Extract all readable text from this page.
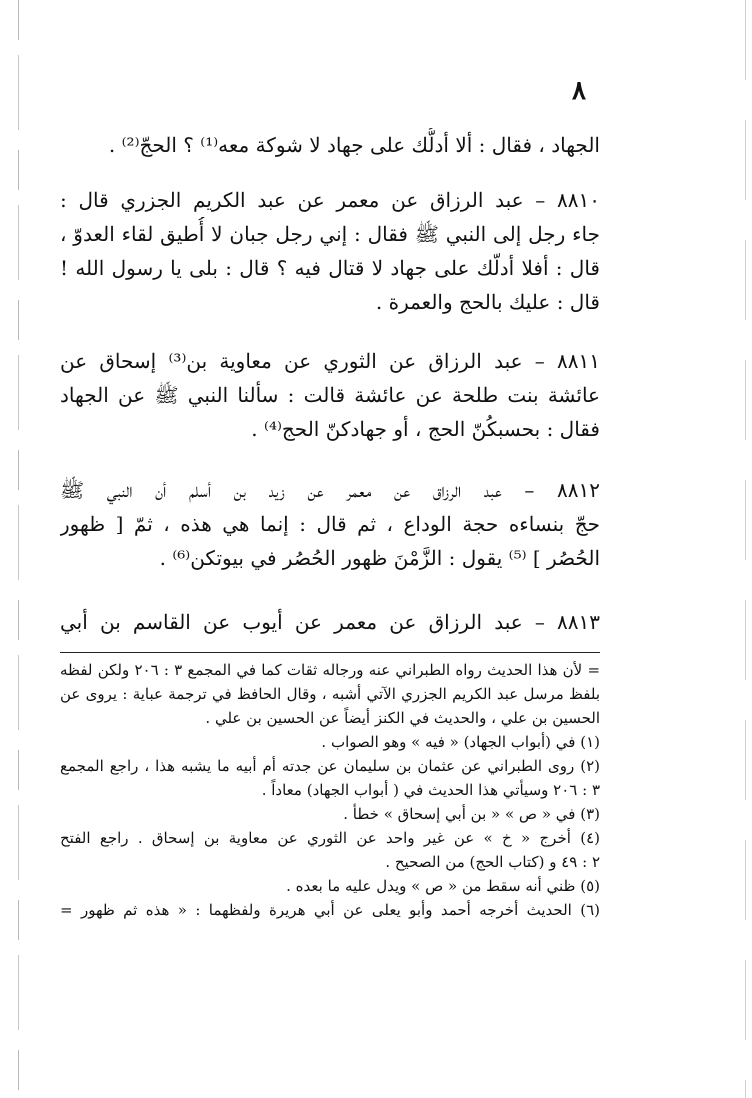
٨
الجهاد ، فقال : ألا أدلُّك على جهاد لا شوكة معه⁽¹⁾ ؟ الحجّ⁽²⁾ .
٨٨١٠ – عبد الرزاق عن معمر عن عبد الكريم الجزري قال :
جاء رجل إلى النبي ﷺ فقال : إني رجل جبان لا أُطيق لقاء العدوّ ،
قال : أفلا أدلّك على جهاد لا قتال فيه ؟ قال : بلى يا رسول الله !
قال : عليك بالحج والعمرة .
٨٨١١ – عبد الرزاق عن الثوري عن معاوية بن⁽³⁾ إسحاق عن
عائشة بنت طلحة عن عائشة قالت : سألنا النبي ﷺ عن الجهاد
فقال : بحسبكُنّ الحج ، أو جهادكنّ الحج⁽⁴⁾ .
٨٨١٢ – عبد الرزاق عن معمر عن زيد بن أسلم أن النبي ﷺ
حجّ بنساءه حجة الوداع ، ثم قال : إنما هي هذه ، ثمّ [ ظهور
الحُصُر ] ⁽⁵⁾ يقول : الزَّمْنَ ظهور الحُصُر في بيوتكن⁽⁶⁾ .
٨٨١٣ – عبد الرزاق عن معمر عن أيوب عن القاسم بن أبي
= لأن هذا الحديث رواه الطبراني عنه ورجاله ثقات كما في المجمع ٣ : ٢٠٦ ولكن لفظه
بلفظ مرسل عبد الكريم الجزري الآتي أشبه ، وقال الحافظ في ترجمة عباية : يروى عن
الحسين بن علي ، والحديث في الكنز أيضاً عن الحسين بن علي .
(١) في (أبواب الجهاد) « فيه » وهو الصواب .
(٢) روى الطبراني عن عثمان بن سليمان عن جدته أم أبيه ما يشبه هذا ، راجع المجمع
٣ : ٢٠٦ وسيأتي هذا الحديث في ( أبواب الجهاد) معاداً .
(٣) في « ص » « بن أبي إسحاق » خطأ .
(٤) أخرج « خ » عن غير واحد عن الثوري عن معاوية بن إسحاق . راجع الفتح
٢ : ٤٩ و (كتاب الحج) من الصحيح .
(٥) ظني أنه سقط من « ص » ويدل عليه ما بعده .
(٦) الحديث أخرجه أحمد وأبو يعلى عن أبي هريرة ولفظهما : « هذه ثم ظهور =
